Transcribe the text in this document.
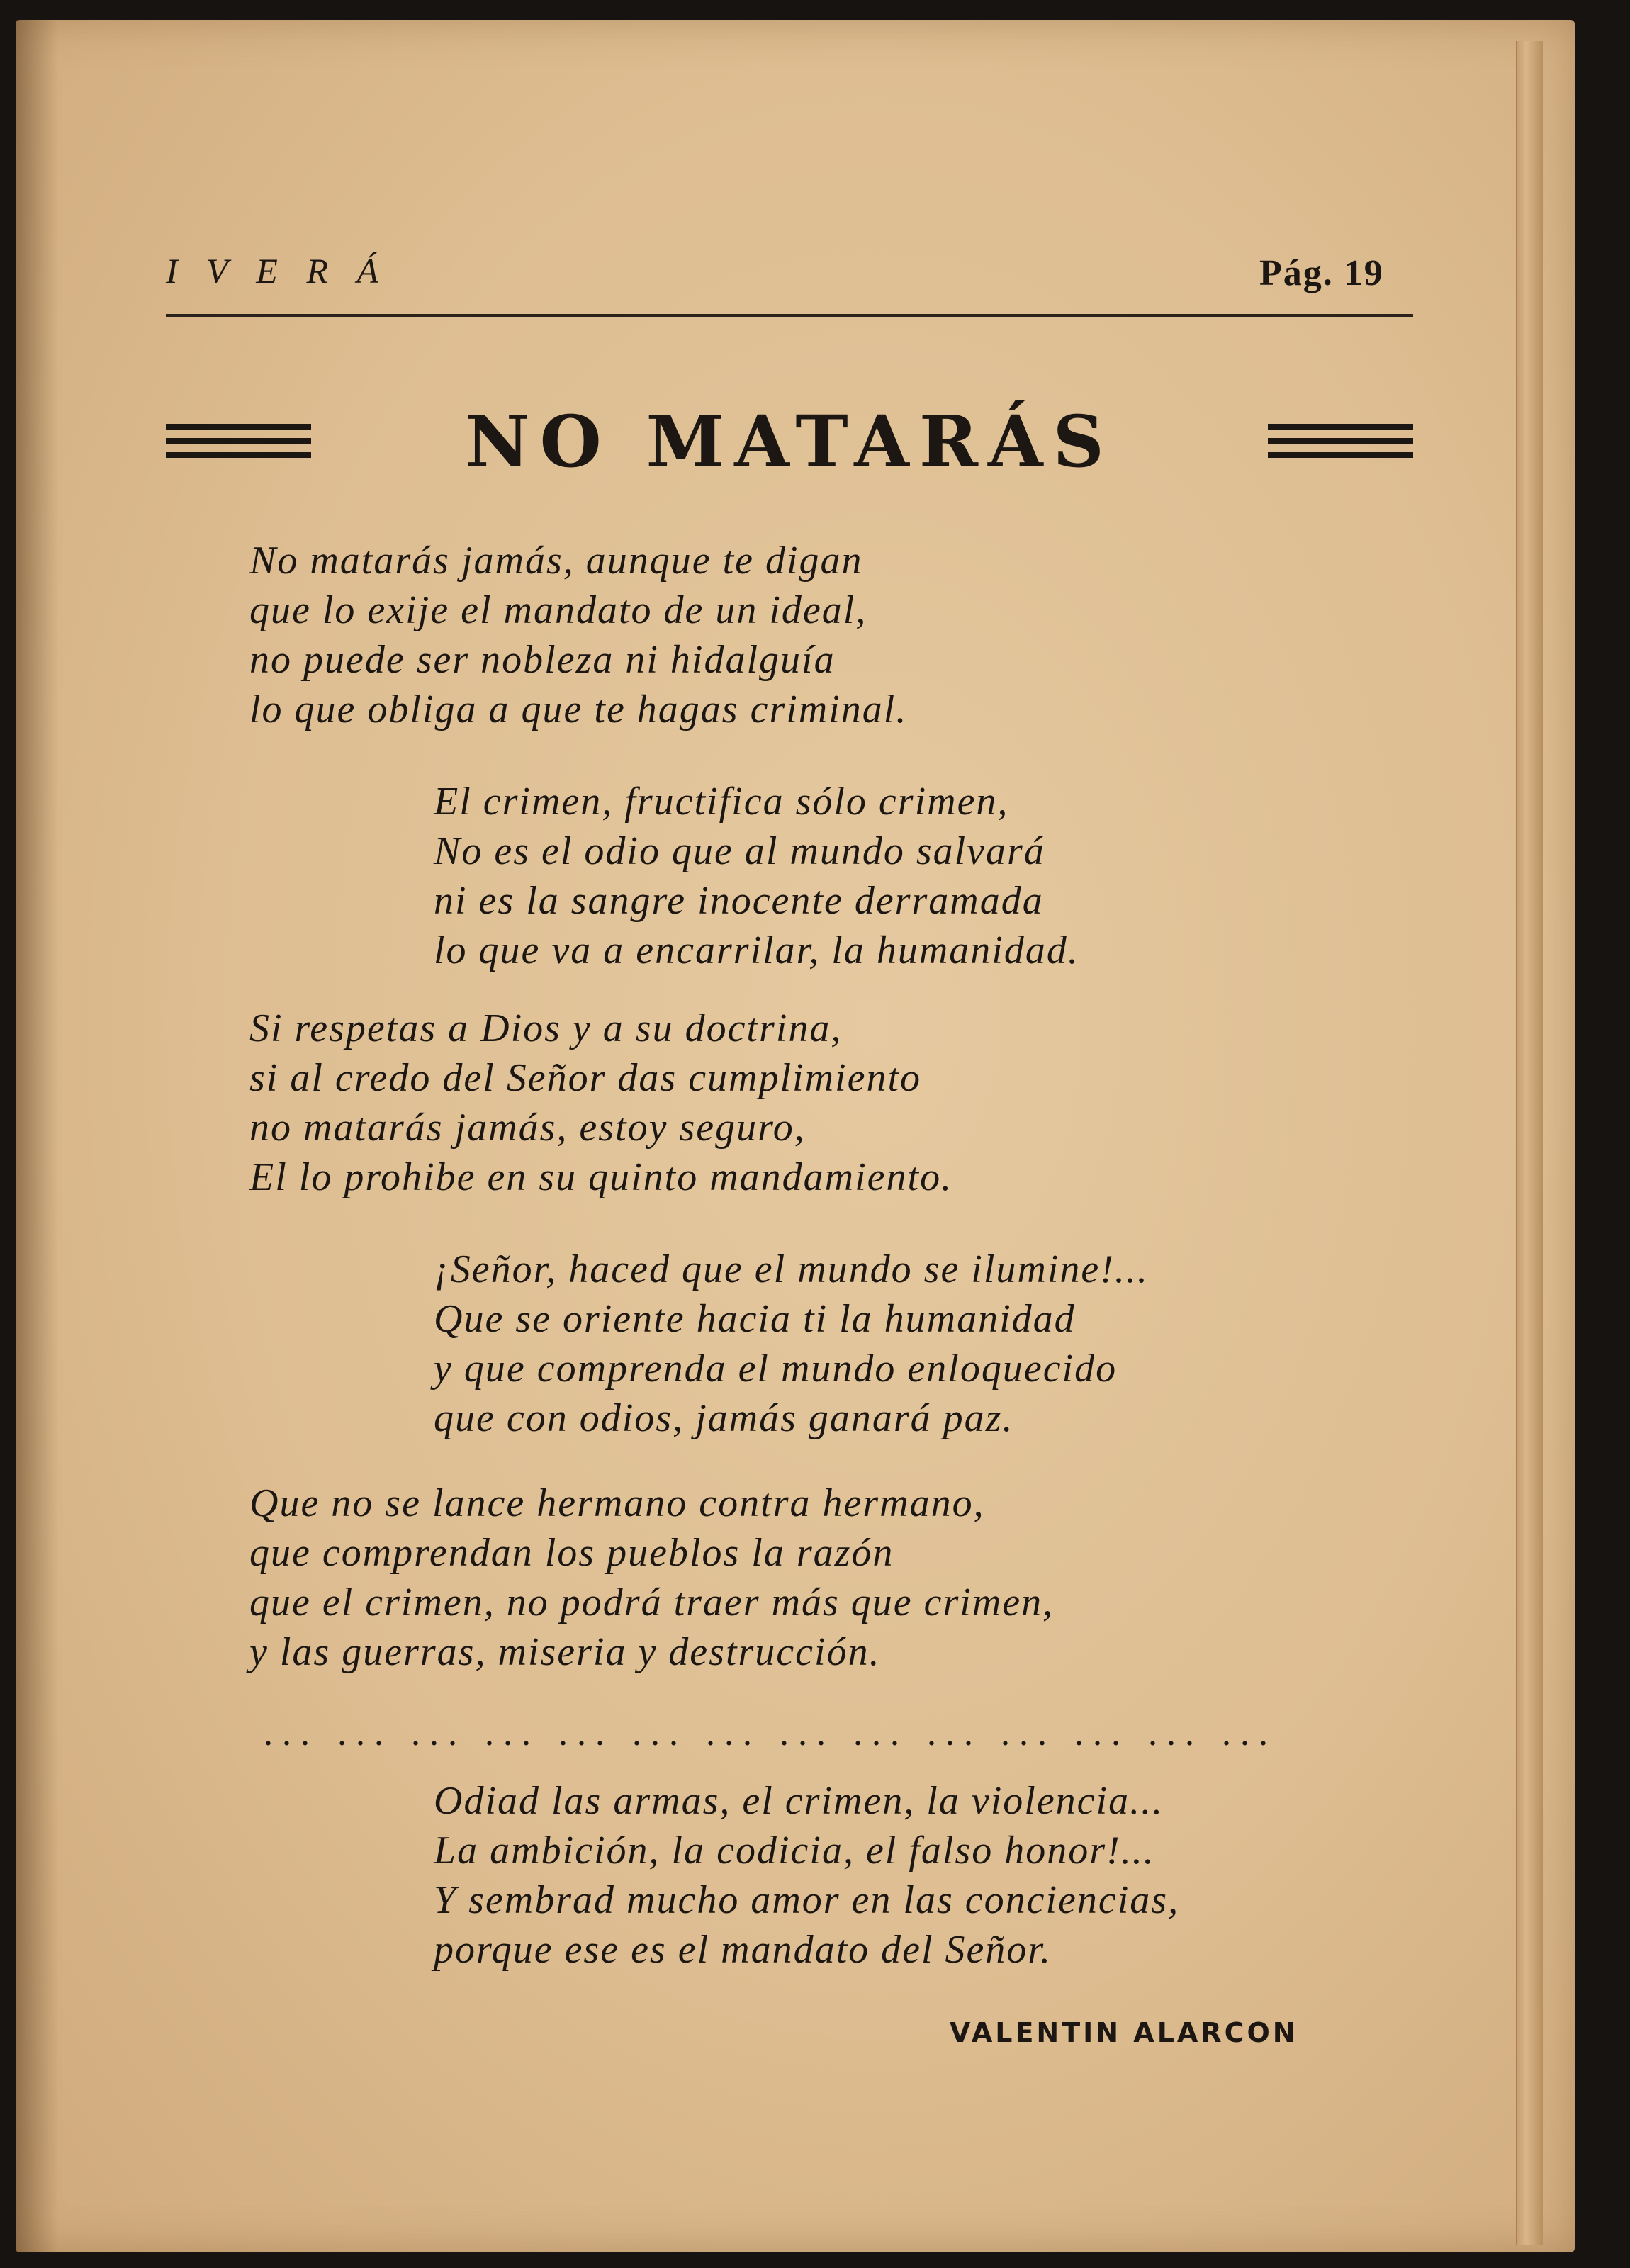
I V E R Á	Pág. 19
NO MATARÁS
No matarás jamás, aunque te digan
que lo exije el mandato de un ideal,
no puede ser nobleza ni hidalguía
lo que obliga a que te hagas criminal.
El crimen, fructifica sólo crimen,
No es el odio que al mundo salvará
ni es la sangre inocente derramada
lo que va a encarrilar, la humanidad.
Si respetas a Dios y a su doctrina,
si al credo del Señor das cumplimiento
no matarás jamás, estoy seguro,
El lo prohibe en su quinto mandamiento.
¡Señor, haced que el mundo se ilumine!...
Que se oriente hacia ti la humanidad
y que comprenda el mundo enloquecido
que con odios, jamás ganará paz.
Que no se lance hermano contra hermano,
que comprendan los pueblos la razón
que el crimen, no podrá traer más que crimen,
y las guerras, miseria y destrucción.
... ... ... ... ... ... ... ... ... ... ... ... ... ...
Odiad las armas, el crimen, la violencia...
La ambición, la codicia, el falso honor!...
Y sembrad mucho amor en las conciencias,
porque ese es el mandato del Señor.
VALENTIN ALARCON
